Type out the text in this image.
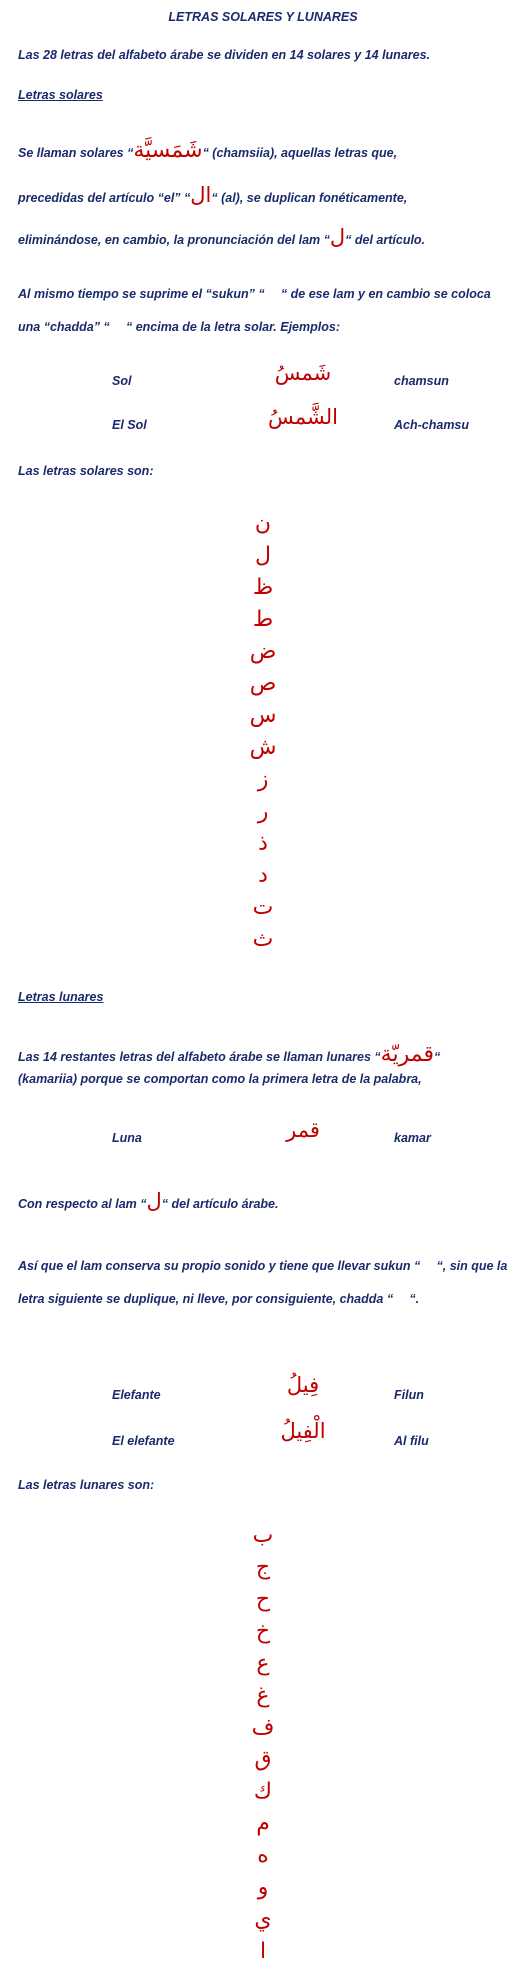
LETRAS SOLARES Y LUNARES
Las 28 letras del alfabeto árabe se dividen en 14 solares y 14 lunares.
Letras solares
Se llaman solares “شَمَسيَّة“ (chamsiia), aquellas letras que,
precedidas del artículo “el” “ال“ (al), se duplican fonéticamente,
eliminándose, en cambio, la pronunciación del lam “ل“ del artículo.
Al mismo tiempo se suprime el “sukun” “ ْ “ de ese lam y en cambio se coloca una “chadda” “ ّ “ encima de la letra solar. Ejemplos:
Sol	شَمسُ	chamsun
El Sol	الشَّمسُ	Ach-chamsu
Las letras solares son:
ن
ل
ظ
ط
ض
ص
س
ش
ز
ر
ذ
د
ت
ث
Letras lunares
Las 14 restantes letras del alfabeto árabe se llaman lunares “قمريّة“
(kamariia) porque se comportan como la primera letra de la palabra,
Luna	قمر	kamar
Con respecto al lam “ل“ del artículo árabe.
Así que el lam conserva su propio sonido y tiene que llevar sukun “ ْ “, sin que la letra siguiente se duplique, ni lleve, por consiguiente, chadda “ ّ “.
Elefante	فِيلُ	Filun
El elefante	الْفِيلُ	Al filu
Las letras lunares son:
ب
ج
ح
خ
ع
غ
ف
ق
ك
م
ه
و
ي
ا
